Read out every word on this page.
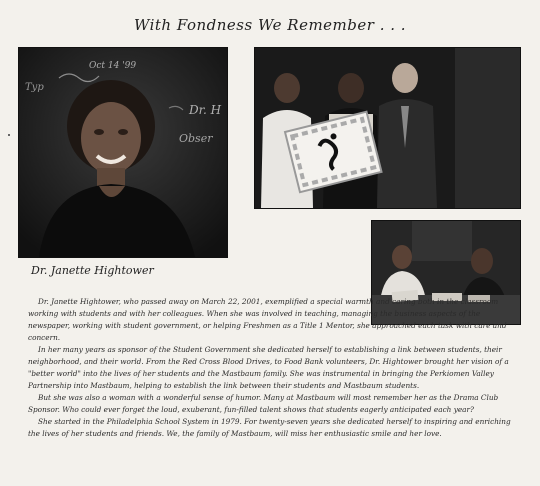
With Fondness We Remember . . .
Oct 14 '99
Typ
Dr. H
Obser
Dr. Janette Hightower

Dr. Janette Hightower, who passed away on March 22, 2001, exemplified a special warmth and caring both in the classroom working with students and with her colleagues. When she was involved in teaching, managing the business aspects of the newspaper, working with student government, or helping Freshmen as a Title 1 Mentor, she approached each task with care and concern.

In her many years as sponsor of the Student Government she dedicated herself to establishing a link between students, their neighborhood, and their world. From the Red Cross Blood Drives, to Food Bank volunteers, Dr. Hightower brought her vision of a "better world" into the lives of her students and the Mastbaum family. She was instrumental in bringing the Perkiomen Valley Partnership into Mastbaum, helping to establish the link between their students and Mastbaum students.

But she was also a woman with a wonderful sense of humor. Many at Mastbaum will most remember her as the Drama Club Sponsor. Who could ever forget the loud, exuberant, fun-filled talent shows that students eagerly anticipated each year?

She started in the Philadelphia School System in 1979. For twenty-seven years she dedicated herself to inspiring and enriching the lives of her students and friends. We, the family of Mastbaum, will miss her enthusiastic smile and her love.
